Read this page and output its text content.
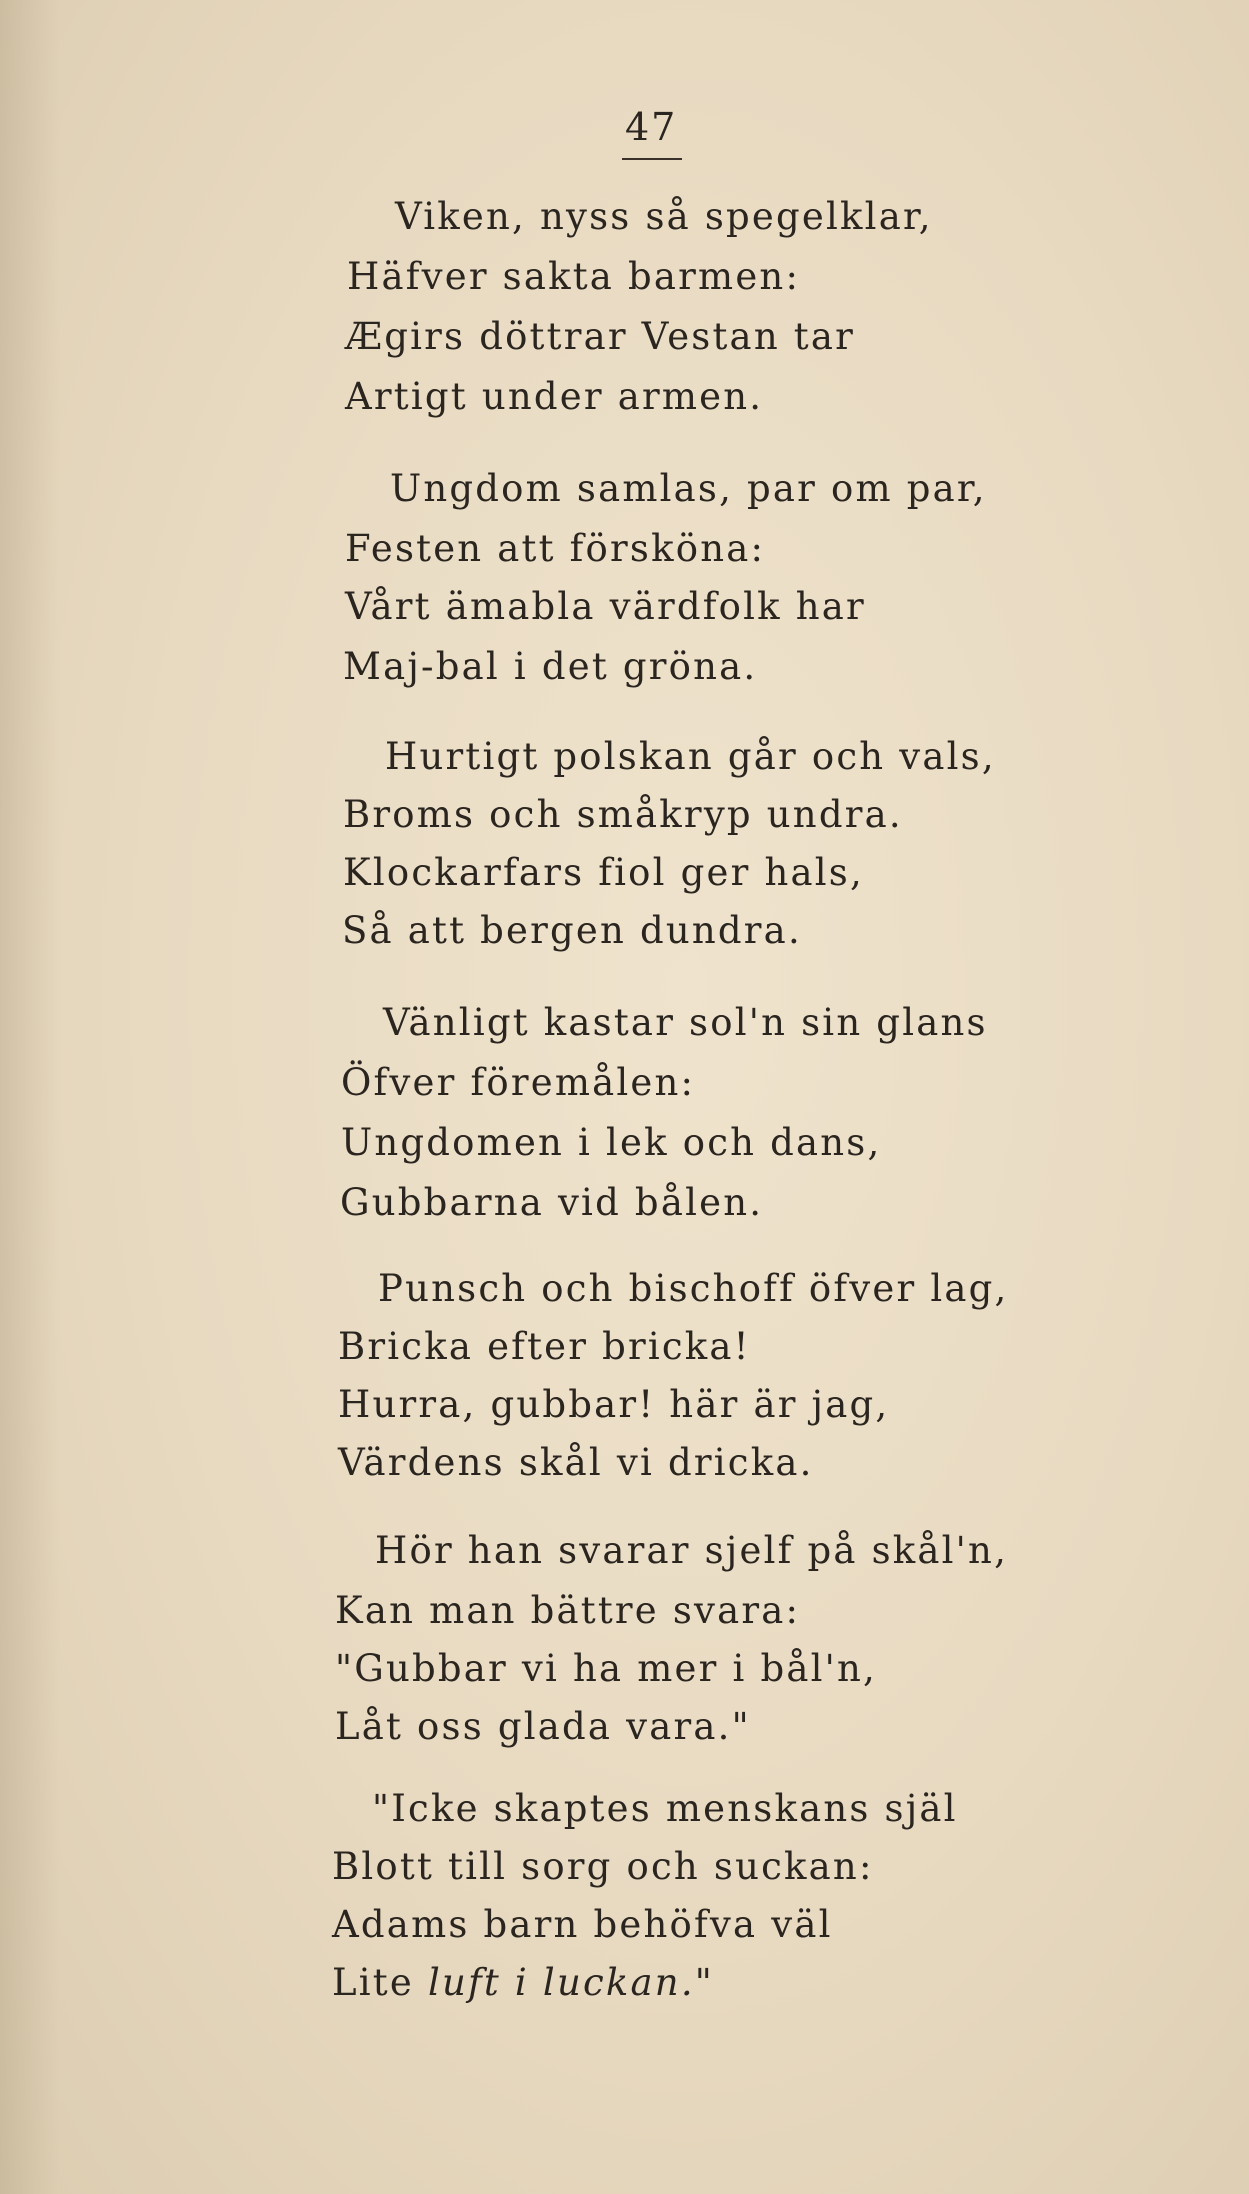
47
Viken, nyss så spegelklar,
Häfver sakta barmen:
Ægirs döttrar Vestan tar
Artigt under armen.
Ungdom samlas, par om par,
Festen att försköna:
Vårt ämabla värdfolk har
Maj-bal i det gröna.
Hurtigt polskan går och vals,
Broms och småkryp undra.
Klockarfars fiol ger hals,
Så att bergen dundra.
Vänligt kastar sol'n sin glans
Öfver föremålen:
Ungdomen i lek och dans,
Gubbarna vid bålen.
Punsch och bischoff öfver lag,
Bricka efter bricka!
Hurra, gubbar! här är jag,
Värdens skål vi dricka.
Hör han svarar sjelf på skål'n,
Kan man bättre svara:
"Gubbar vi ha mer i bål'n,
Låt oss glada vara."
"Icke skaptes menskans själ
Blott till sorg och suckan:
Adams barn behöfva väl
Lite luft i luckan."
